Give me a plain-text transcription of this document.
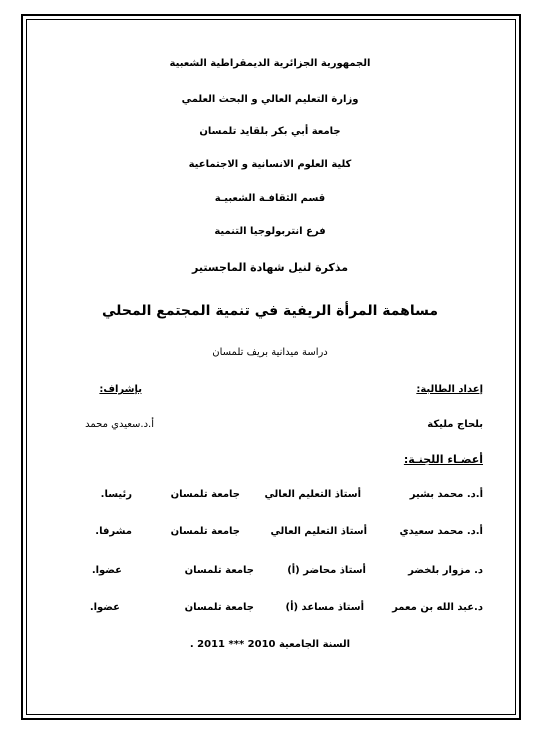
الجمهورية الجزائرية الديمقراطية الشعبية
وزارة التعليم العالي و البحث العلمي
جامعة أبي بكر بلقايد تلمسان
كلية العلوم الانسانية و الاجتماعية
قسم الثقافـة الشعبيـة
فرع انتربولوجيا التنمية
مذكرة لنيل شهادة الماجستير
مساهمة المرأة الريفية في تنمية المجتمع المحلي
دراسة ميدانية بريف تلمسان
إعداد الطالبة:
بإشراف:
بلحاج مليكة
أ.د.سعيدي محمد
أعضـاء اللجنـة:
أ.د. محمد بشير
أستاذ التعليم العالي
جامعة تلمسان
رئيسا.
أ.د. محمد سعيدي
أستاذ التعليم العالي
جامعة تلمسان
مشرفا.
د. مزوار بلخضر
أستاذ محاضر (أ)
جامعة تلمسان
عضوا.
د.عبد الله بن معمر
أستاذ مساعد (أ)
جامعة تلمسان
عضوا.
السنة الجامعية 2010 *** 2011 .
